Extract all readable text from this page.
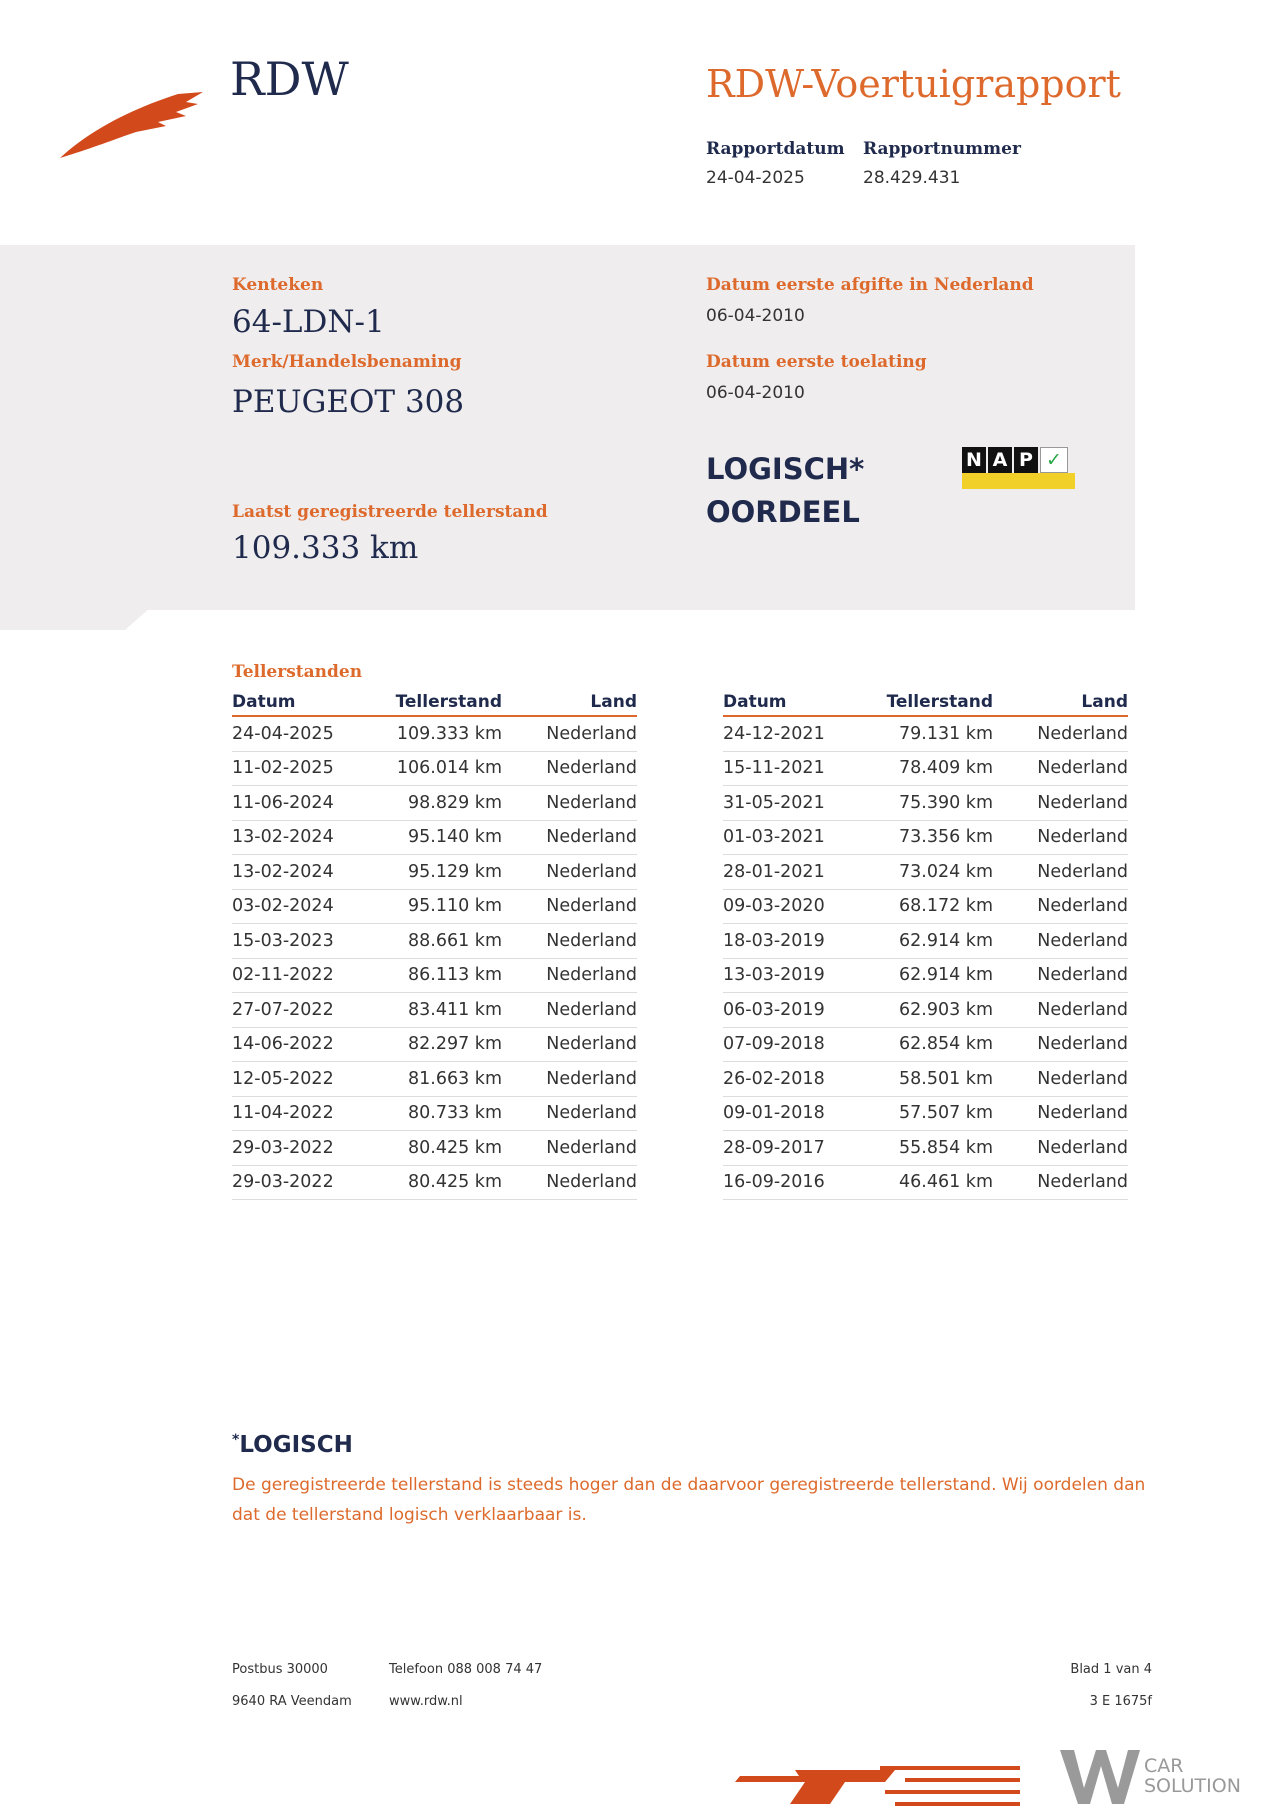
RDW	RDW-Voertuigrapport
Rapportdatum
24-04-2025
Rapportnummer
28.429.431
Kenteken
64-LDN-1
Merk/Handelsbenaming
PEUGEOT 308
Laatst geregistreerde tellerstand
109.333 km
Datum eerste afgifte in Nederland
06-04-2010
Datum eerste toelating
06-04-2010
LOGISCH*
OORDEEL
N A P ✓
Tellerstanden
Datum	Tellerstand	Land
24-04-2025	109.333 km	Nederland
11-02-2025	106.014 km	Nederland
11-06-2024	98.829 km	Nederland
13-02-2024	95.140 km	Nederland
13-02-2024	95.129 km	Nederland
03-02-2024	95.110 km	Nederland
15-03-2023	88.661 km	Nederland
02-11-2022	86.113 km	Nederland
27-07-2022	83.411 km	Nederland
14-06-2022	82.297 km	Nederland
12-05-2022	81.663 km	Nederland
11-04-2022	80.733 km	Nederland
29-03-2022	80.425 km	Nederland
29-03-2022	80.425 km	Nederland
Datum	Tellerstand	Land
24-12-2021	79.131 km	Nederland
15-11-2021	78.409 km	Nederland
31-05-2021	75.390 km	Nederland
01-03-2021	73.356 km	Nederland
28-01-2021	73.024 km	Nederland
09-03-2020	68.172 km	Nederland
18-03-2019	62.914 km	Nederland
13-03-2019	62.914 km	Nederland
06-03-2019	62.903 km	Nederland
07-09-2018	62.854 km	Nederland
26-02-2018	58.501 km	Nederland
09-01-2018	57.507 km	Nederland
28-09-2017	55.854 km	Nederland
16-09-2016	46.461 km	Nederland
*LOGISCH
De geregistreerde tellerstand is steeds hoger dan de daarvoor geregistreerde tellerstand. Wij oordelen dan
dat de tellerstand logisch verklaarbaar is.
Postbus 30000
9640 RA Veendam
Telefoon 088 008 74 47
www.rdw.nl
Blad 1 van 4
3 E 1675f
CAR
SOLUTION
